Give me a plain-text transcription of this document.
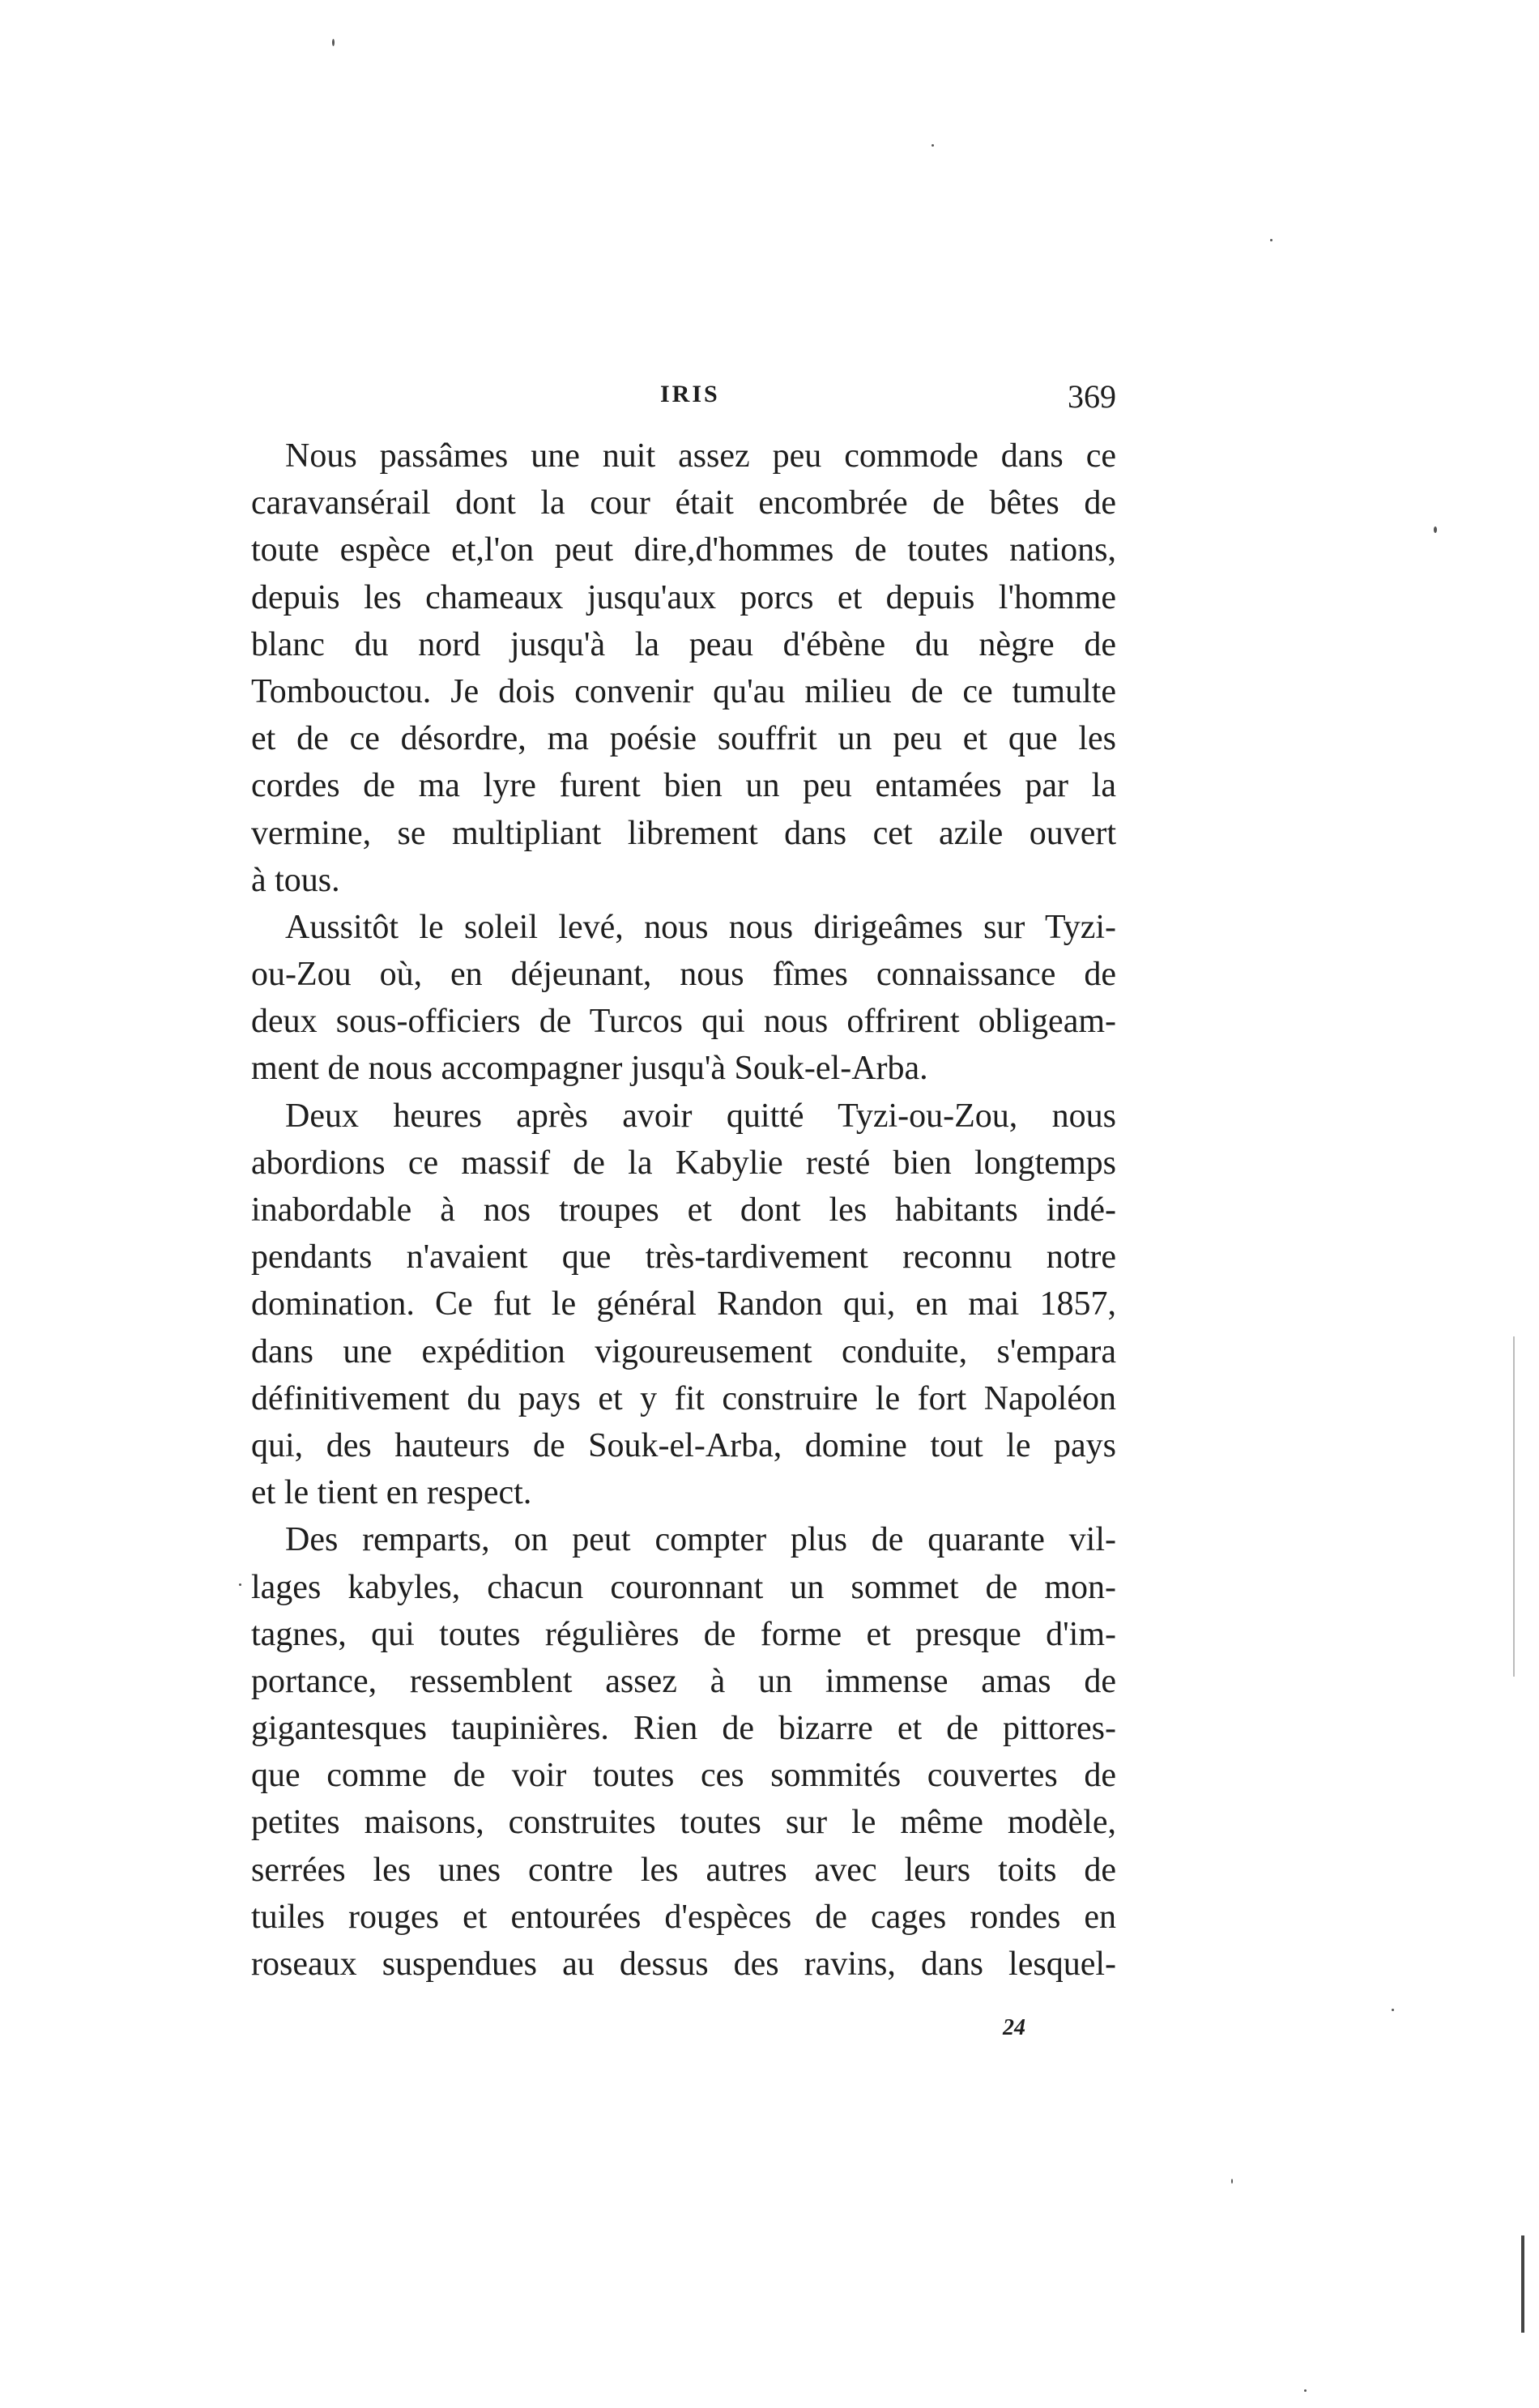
IRIS	369
Nous passâmes une nuit assez peu commode dans ce
caravansérail dont la cour était encombrée de bêtes de
toute espèce et,l'on peut dire,d'hommes de toutes nations,
depuis les chameaux jusqu'aux porcs et depuis l'homme
blanc du nord jusqu'à la peau d'ébène du nègre de
Tombouctou. Je dois convenir qu'au milieu de ce tumulte
et de ce désordre, ma poésie souffrit un peu et que les
cordes de ma lyre furent bien un peu entamées par la
vermine, se multipliant librement dans cet azile ouvert
à tous.
Aussitôt le soleil levé, nous nous dirigeâmes sur Tyzi-
ou-Zou où, en déjeunant, nous fîmes connaissance de
deux sous-officiers de Turcos qui nous offrirent obligeam-
ment de nous accompagner jusqu'à Souk-el-Arba.
Deux heures après avoir quitté Tyzi-ou-Zou, nous
abordions ce massif de la Kabylie resté bien longtemps
inabordable à nos troupes et dont les habitants indé-
pendants n'avaient que très-tardivement reconnu notre
domination. Ce fut le général Randon qui, en mai 1857,
dans une expédition vigoureusement conduite, s'empara
définitivement du pays et y fit construire le fort Napoléon
qui, des hauteurs de Souk-el-Arba, domine tout le pays
et le tient en respect.
Des remparts, on peut compter plus de quarante vil-
lages kabyles, chacun couronnant un sommet de mon-
tagnes, qui toutes régulières de forme et presque d'im-
portance, ressemblent assez à un immense amas de
gigantesques taupinières. Rien de bizarre et de pittores-
que comme de voir toutes ces sommités couvertes de
petites maisons, construites toutes sur le même modèle,
serrées les unes contre les autres avec leurs toits de
tuiles rouges et entourées d'espèces de cages rondes en
roseaux suspendues au dessus des ravins, dans lesquel-
24
